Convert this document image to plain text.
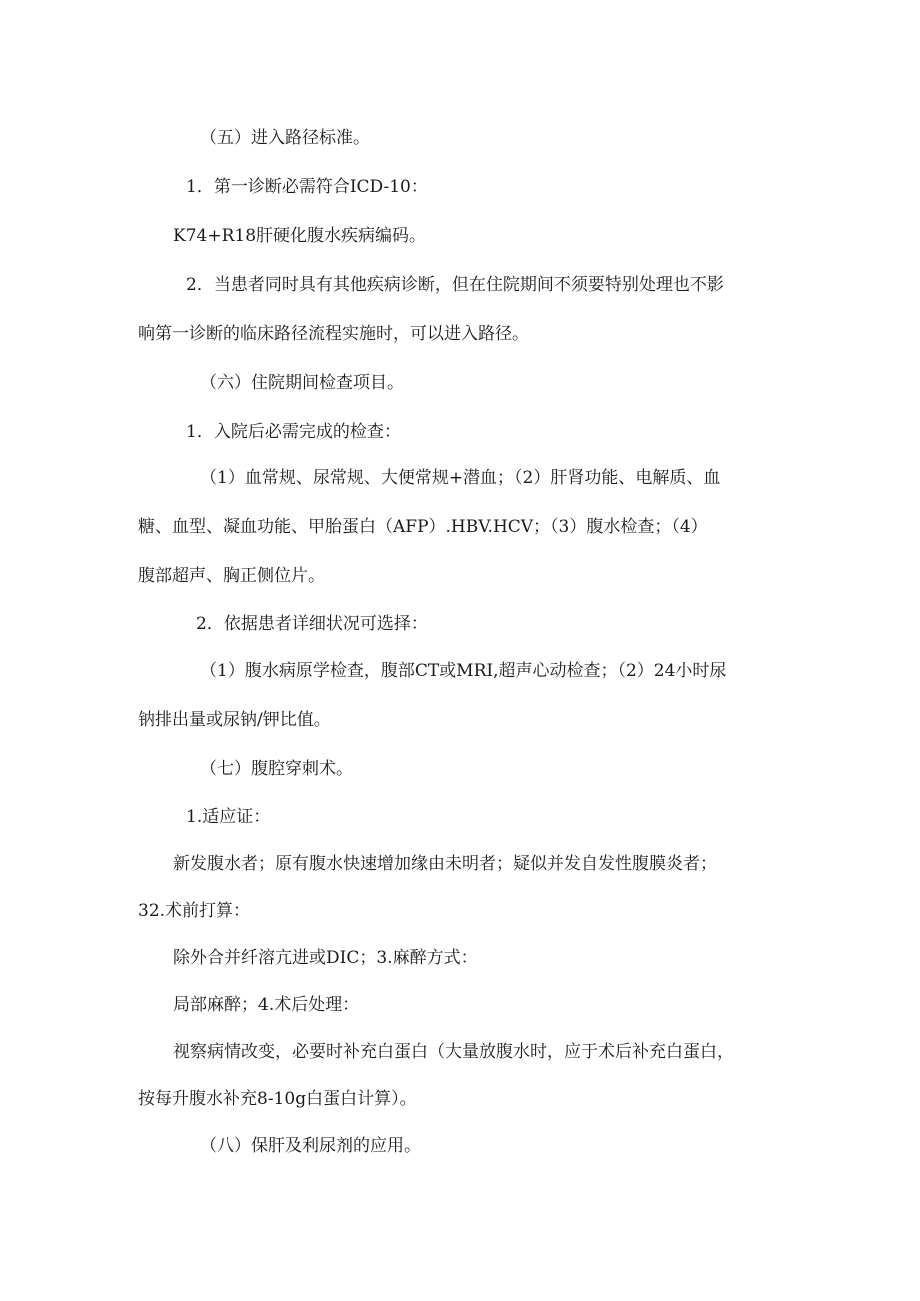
（五）进入路径标准。

1．第一诊断必需符合ICD-10：

K74+R18肝硬化腹水疾病编码。

2．当患者同时具有其他疾病诊断，但在住院期间不须要特别处理也不影

响第一诊断的临床路径流程实施时，可以进入路径。

（六）住院期间检查项目。

1．入院后必需完成的检查：

（1）血常规、尿常规、大便常规+潜血；（2）肝肾功能、电解质、血

糖、血型、凝血功能、甲胎蛋白（AFP）.HBV.HCV；（3）腹水检查；（4）

腹部超声、胸正侧位片。

2．依据患者详细状况可选择：

（1）腹水病原学检查，腹部CT或MRI,超声心动检查；（2）24小时尿

钠排出量或尿钠/钾比值。

（七）腹腔穿刺术。

1.适应证：

新发腹水者；原有腹水快速增加缘由未明者；疑似并发自发性腹膜炎者；

32.术前打算：

除外合并纤溶亢进或DIC；3.麻醉方式：

局部麻醉；4.术后处理：

视察病情改变，必要时补充白蛋白（大量放腹水时，应于术后补充白蛋白，

按每升腹水补充8-10g白蛋白计算）。

（八）保肝及利尿剂的应用。
